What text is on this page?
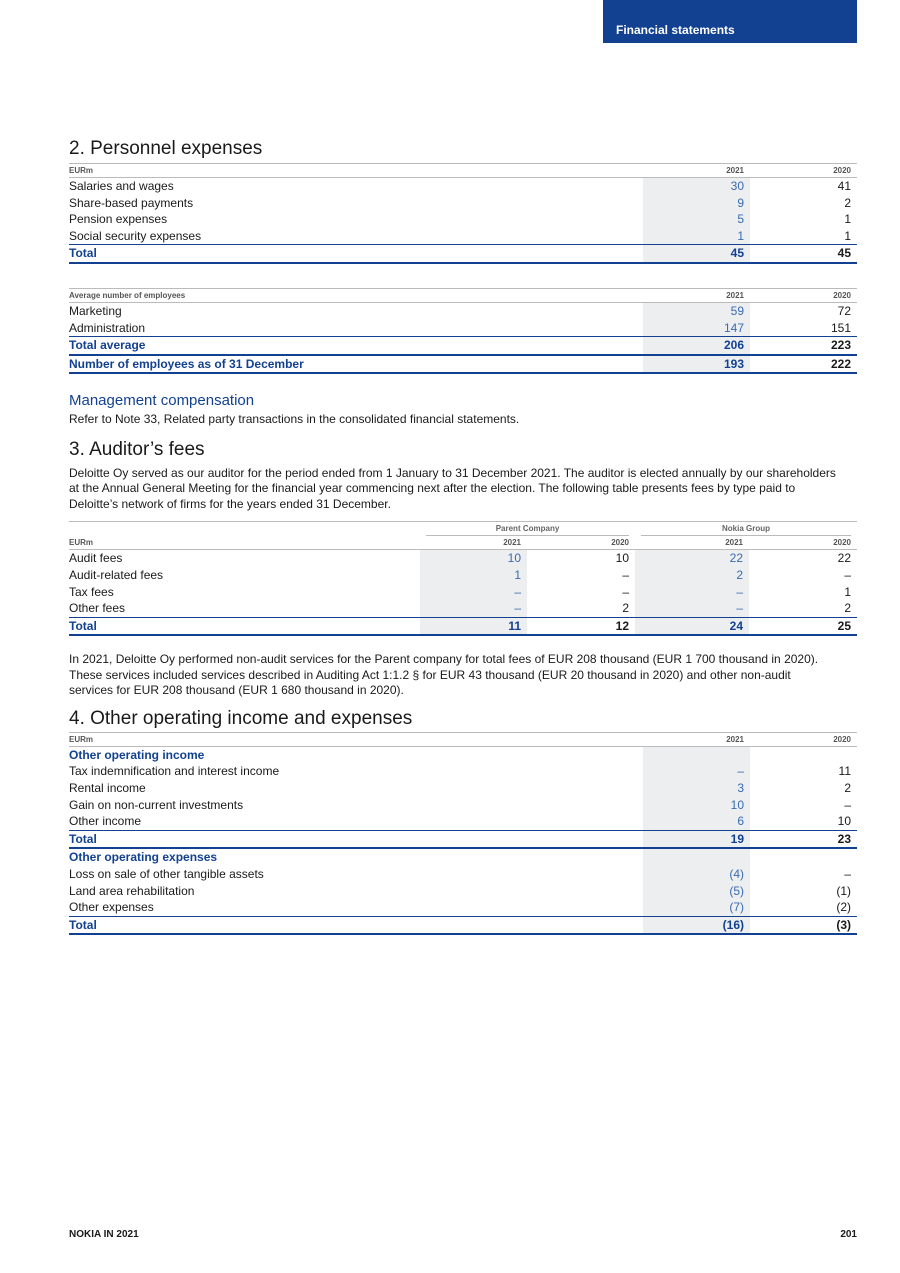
Financial statements
2. Personnel expenses
EURm	2021	2020
Salaries and wages	30	41
Share-based payments	9	2
Pension expenses	5	1
Social security expenses	1	1
Total	45	45
Average number of employees	2021	2020
Marketing	59	72
Administration	147	151
Total average	206	223
Number of employees as of 31 December	193	222
Management compensation

Refer to Note 33, Related party transactions in the consolidated financial statements.

3. Auditor’s fees

Deloitte Oy served as our auditor for the period ended from 1 January to 31 December 2021. The auditor is elected annually by our shareholders

at the Annual General Meeting for the financial year commencing next after the election. The following table presents fees by type paid to

Deloitte’s network of firms for the years ended 31 December.

	Parent Company		Nokia Group	

EURm	2021	2020	2021	2020
Audit fees	10	10	22	22
Audit-related fees	1	–	2	–
Tax fees	–	–	–	1
Other fees	–	2	–	2
Total	11	12	24	25

In 2021, Deloitte Oy performed non-audit services for the Parent company for total fees of EUR 208 thousand (EUR 1 700 thousand in 2020).

These services included services described in Auditing Act 1:1.2 § for EUR 43 thousand (EUR 20 thousand in 2020) and other non-audit

services for EUR 208 thousand (EUR 1 680 thousand in 2020).

4. Other operating income and expenses
EURm	2021	2020
Other operating income		
Tax indemnification and interest income	–	11
Rental income	3	2
Gain on non-current investments	10	–
Other income	6	10
Total	19	23
Other operating expenses		
Loss on sale of other tangible assets	(4)	–
Land area rehabilitation	(5)	(1)
Other expenses	(7)	(2)
Total	(16)	(3)
NOKIA IN 2021	201
